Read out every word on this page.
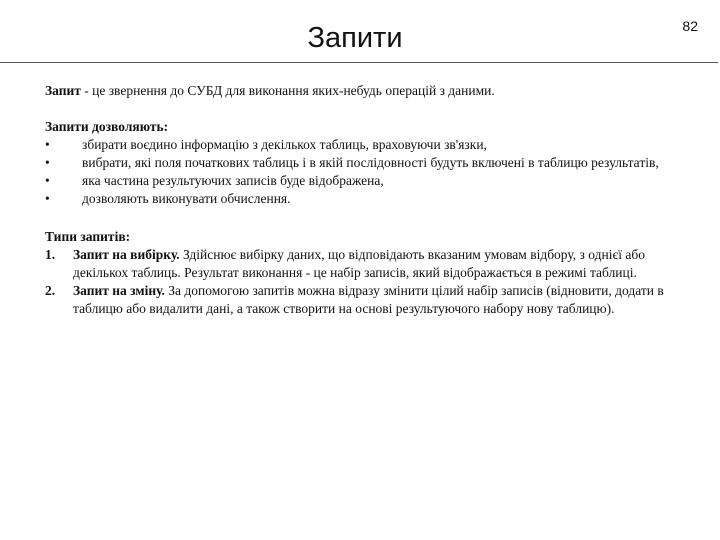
Запити	82

Запит - це звернення до СУБД для виконання яких-небудь операцій з даними.

Запити дозволяють:

• збирати воєдино інформацію з декількох таблиць, враховуючи зв'язки,
• вибрати, які поля початкових таблиць і в якій послідовності будуть включені в таблицю результатів,
• яка частина результуючих записів буде відображена,
• дозволяють виконувати обчислення.

Типи запитів:

1. Запит на вибірку. Здійснює вибірку даних, що відповідають вказаним умовам відбору, з однієї або декількох таблиць. Результат виконання - це набір записів, який відображається в режимі таблиці.
2. Запит на зміну. За допомогою запитів можна відразу змінити цілий набір записів (відновити, додати в таблицю або видалити дані, а також створити на основі результуючого набору нову таблицю).
